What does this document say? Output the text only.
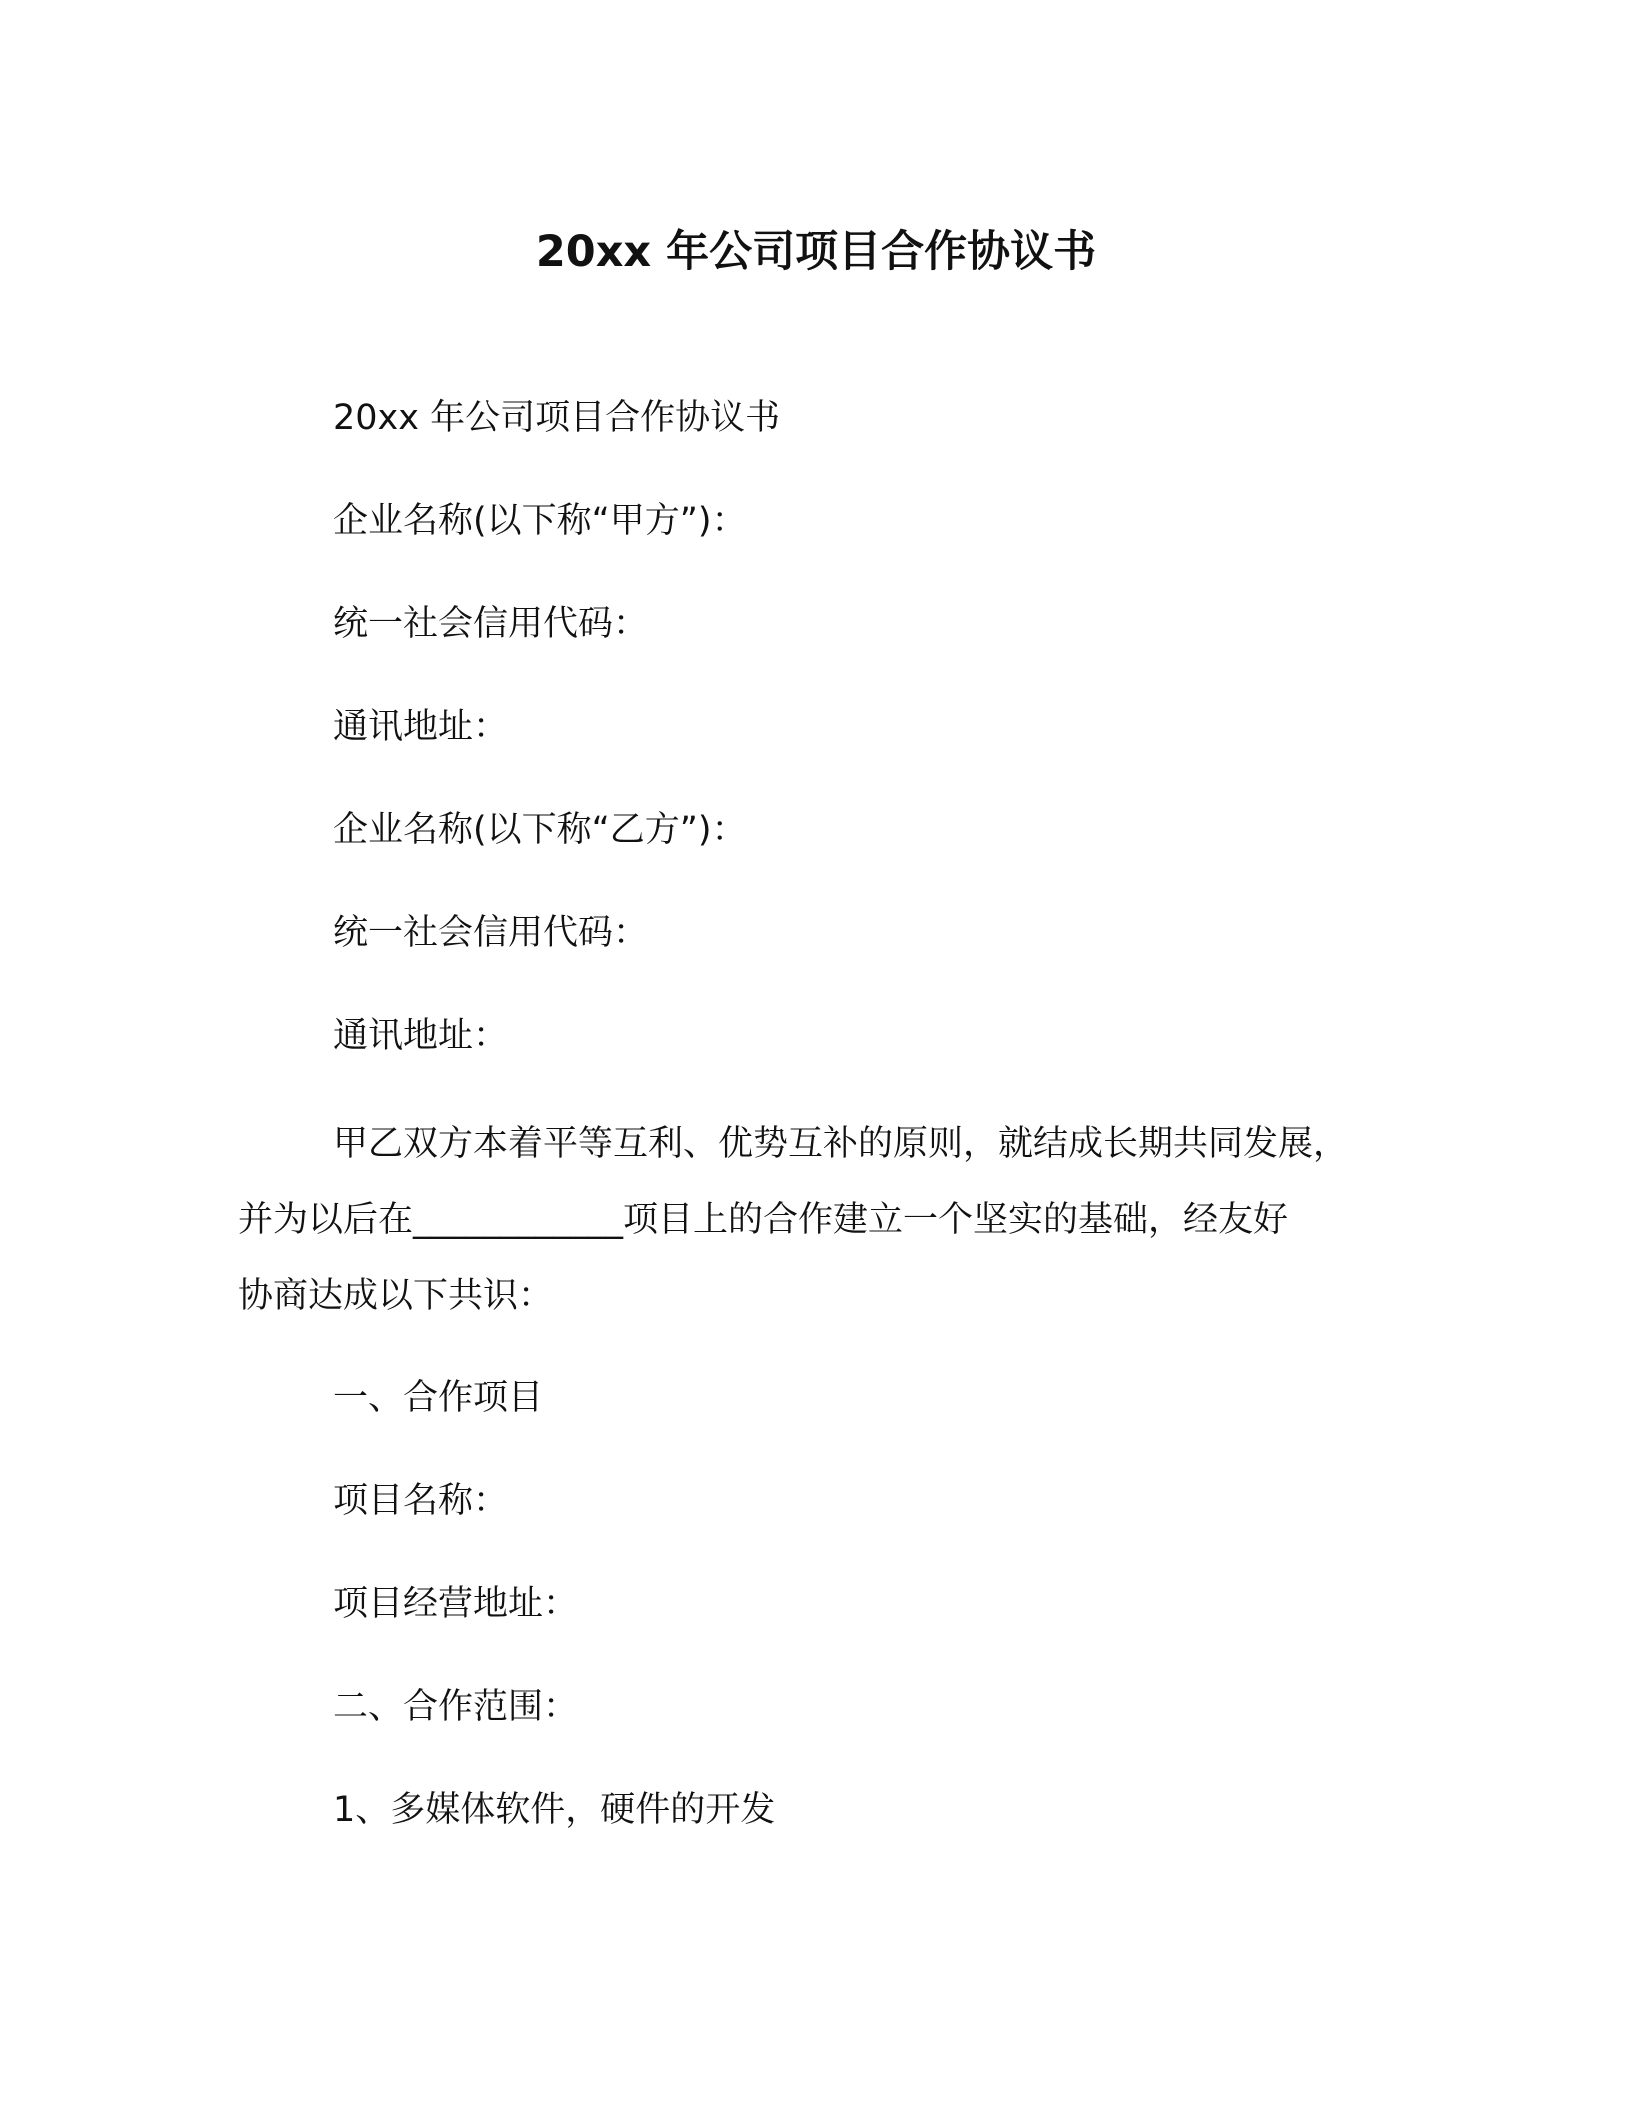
20xx 年公司项目合作协议书
20xx 年公司项目合作协议书
企业名称(以下称“甲方”)：
统一社会信用代码：
通讯地址：
企业名称(以下称“乙方”)：
统一社会信用代码：
通讯地址：
甲乙双方本着平等互利、优势互补的原则，就结成长期共同发展，
并为以后在____________项目上的合作建立一个坚实的基础，经友好
协商达成以下共识：
一、合作项目
项目名称：
项目经营地址：
二、合作范围：
1、多媒体软件，硬件的开发
